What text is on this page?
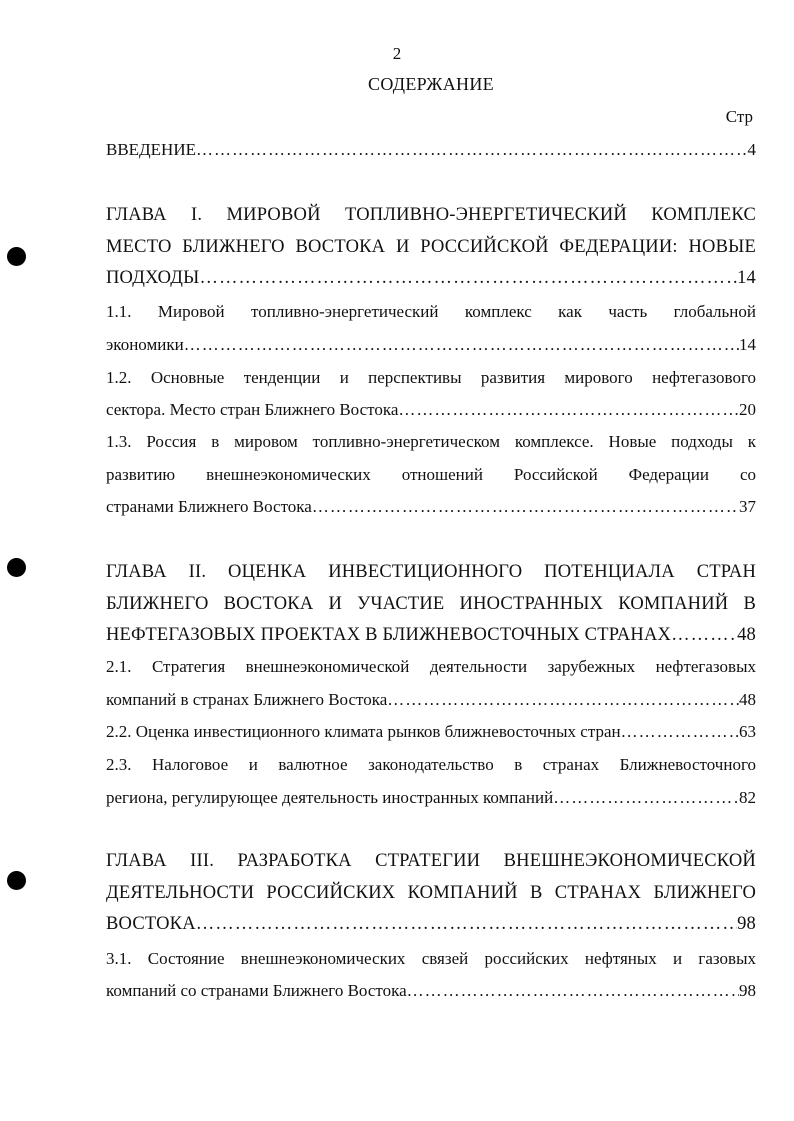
2
СОДЕРЖАНИЕ
Стр
ВВЕДЕНИЕ ……………………………………………………………………………………………………………………………………………………………………	4
ГЛАВА I. МИРОВОЙ ТОПЛИВНО-ЭНЕРГЕТИЧЕСКИЙ КОМПЛЕКС
МЕСТО БЛИЖНЕГО ВОСТОКА И РОССИЙСКОЙ ФЕДЕРАЦИИ: НОВЫЕ
ПОДХОДЫ ……………………………………………………………………………………………………………………………………………………………………	14
1.1. Мировой топливно-энергетический комплекс как часть глобальной
экономики ……………………………………………………………………………………………………………………………………………………………………	14
1.2. Основные тенденции и перспективы развития мирового нефтегазового
сектора. Место стран Ближнего Востока ……………………………………………………………………………………………………………………………………………………………………	20
1.3. Россия в мировом топливно-энергетическом комплексе. Новые подходы к
развитию внешнеэкономических отношений Российской Федерации со
странами Ближнего Востока ……………………………………………………………………………………………………………………………………………………………………	37
ГЛАВА II. ОЦЕНКА ИНВЕСТИЦИОННОГО ПОТЕНЦИАЛА СТРАН
БЛИЖНЕГО ВОСТОКА И УЧАСТИЕ ИНОСТРАННЫХ КОМПАНИЙ В
НЕФТЕГАЗОВЫХ ПРОЕКТАХ В БЛИЖНЕВОСТОЧНЫХ СТРАНАХ ……………………………………………………………………………………………………………………………………………………………………	48
2.1. Стратегия внешнеэкономической деятельности зарубежных нефтегазовых
компаний в странах Ближнего Востока ……………………………………………………………………………………………………………………………………………………………………	48
2.2. Оценка инвестиционного климата рынков ближневосточных стран ……………………………………………………………………………………………………………………………………………………………………	63
2.3. Налоговое и валютное законодательство в странах Ближневосточного
региона, регулирующее деятельность иностранных компаний ……………………………………………………………………………………………………………………………………………………………………	82
ГЛАВА III. РАЗРАБОТКА СТРАТЕГИИ ВНЕШНЕЭКОНОМИЧЕСКОЙ
ДЕЯТЕЛЬНОСТИ РОССИЙСКИХ КОМПАНИЙ В СТРАНАХ БЛИЖНЕГО
ВОСТОКА ……………………………………………………………………………………………………………………………………………………………………	98
3.1. Состояние внешнеэкономических связей российских нефтяных и газовых
компаний со странами Ближнего Востока ……………………………………………………………………………………………………………………………………………………………………	98
